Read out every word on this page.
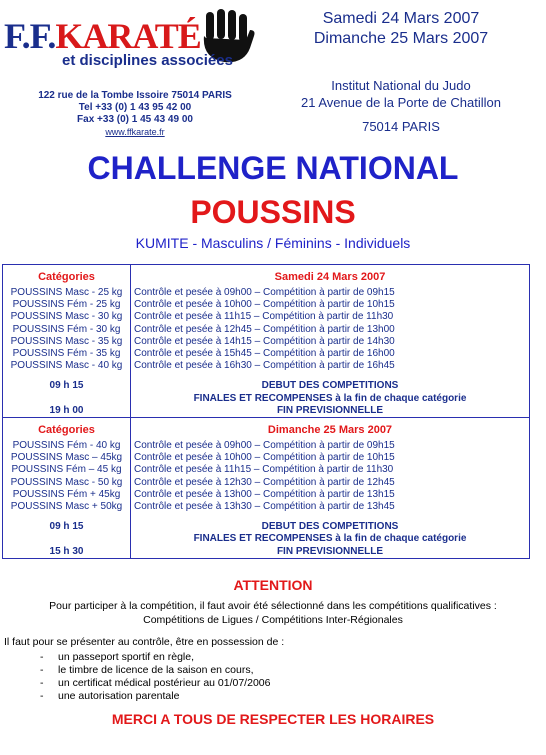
F.F.KARATÉ
et disciplines associées
122 rue de la Tombe Issoire 75014 PARIS
Tel +33 (0) 1 43 95 42 00
Fax +33 (0) 1 45 43 49 00
www.ffkarate.fr
Samedi 24 Mars 2007
Dimanche 25 Mars 2007
Institut National du Judo
21 Avenue de la Porte de Chatillon
75014 PARIS
CHALLENGE NATIONAL
POUSSINS
KUMITE - Masculins / Féminins - Individuels
Catégories
POUSSINS Masc - 25 kg
POUSSINS Fém - 25 kg
POUSSINS Masc - 30 kg
POUSSINS Fém - 30 kg
POUSSINS Masc - 35 kg
POUSSINS Fém - 35 kg
POUSSINS Masc - 40 kg
09 h 15

19 h 00
Samedi 24 Mars 2007
Contrôle et pesée à 09h00 – Compétition à partir de 09h15
Contrôle et pesée à 10h00 – Compétition à partir de 10h15
Contrôle et pesée à 11h15 – Compétition à partir de 11h30
Contrôle et pesée à 12h45 – Compétition à partir de 13h00
Contrôle et pesée à 14h15 – Compétition à partir de 14h30
Contrôle et pesée à 15h45 – Compétition à partir de 16h00
Contrôle et pesée à 16h30 – Compétition à partir de 16h45
DEBUT DES COMPETITIONS
FINALES ET RECOMPENSES à la fin de chaque catégorie
FIN PREVISIONNELLE
Catégories
POUSSINS Fém - 40 kg
POUSSINS Masc – 45kg
POUSSINS Fém – 45 kg
POUSSINS Masc - 50 kg
POUSSINS Fém + 45kg
POUSSINS Masc + 50kg
09 h 15

15 h 30
Dimanche 25 Mars 2007
Contrôle et pesée à 09h00 – Compétition à partir de 09h15
Contrôle et pesée à 10h00 – Compétition à partir de 10h15
Contrôle et pesée à 11h15 – Compétition à partir de 11h30
Contrôle et pesée à 12h30 – Compétition à partir de 12h45
Contrôle et pesée à 13h00 – Compétition à partir de 13h15
Contrôle et pesée à 13h30 – Compétition à partir de 13h45
DEBUT DES COMPETITIONS
FINALES ET RECOMPENSES à la fin de chaque catégorie
FIN PREVISIONNELLE
ATTENTION
Pour participer à la compétition, il faut avoir été sélectionné dans les compétitions qualificatives :
Compétitions de Ligues / Compétitions Inter-Régionales
Il faut pour se présenter au contrôle, être en possession de :
- un passeport sportif en règle,
- le timbre de licence de la saison en cours,
- un certificat médical postérieur au 01/07/2006
- une autorisation parentale
MERCI A TOUS DE RESPECTER LES HORAIRES
